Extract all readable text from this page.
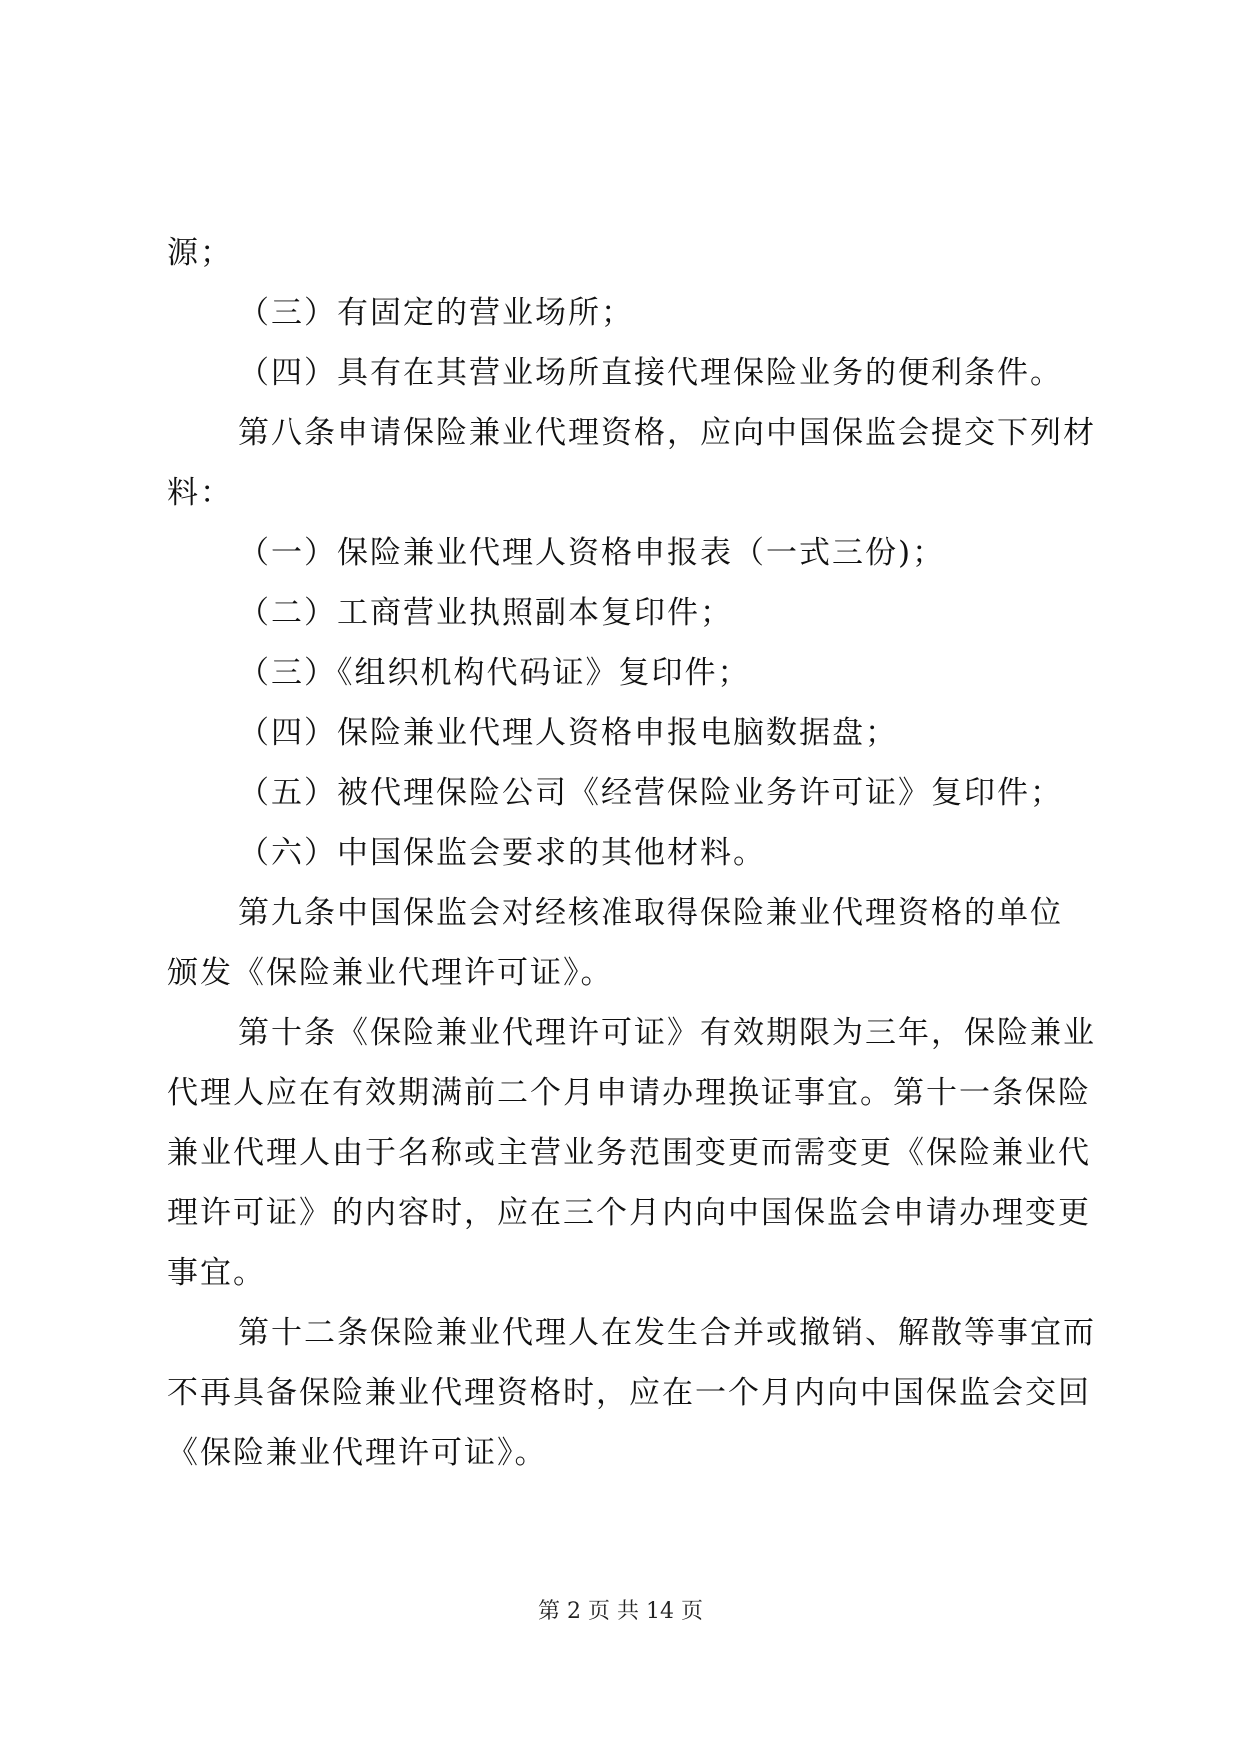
源；
（三）有固定的营业场所；
（四）具有在其营业场所直接代理保险业务的便利条件。
第八条申请保险兼业代理资格，应向中国保监会提交下列材
料：
（一）保险兼业代理人资格申报表（一式三份)；
（二）工商营业执照副本复印件；
（三）《组织机构代码证》复印件；
（四）保险兼业代理人资格申报电脑数据盘；
（五）被代理保险公司《经营保险业务许可证》复印件；
（六）中国保监会要求的其他材料。
第九条中国保监会对经核准取得保险兼业代理资格的单位
颁发《保险兼业代理许可证》。
第十条《保险兼业代理许可证》有效期限为三年，保险兼业
代理人应在有效期满前二个月申请办理换证事宜。第十一条保险
兼业代理人由于名称或主营业务范围变更而需变更《保险兼业代
理许可证》的内容时，应在三个月内向中国保监会申请办理变更
事宜。
第十二条保险兼业代理人在发生合并或撤销、解散等事宜而
不再具备保险兼业代理资格时，应在一个月内向中国保监会交回
《保险兼业代理许可证》。
第 2 页 共 14 页
